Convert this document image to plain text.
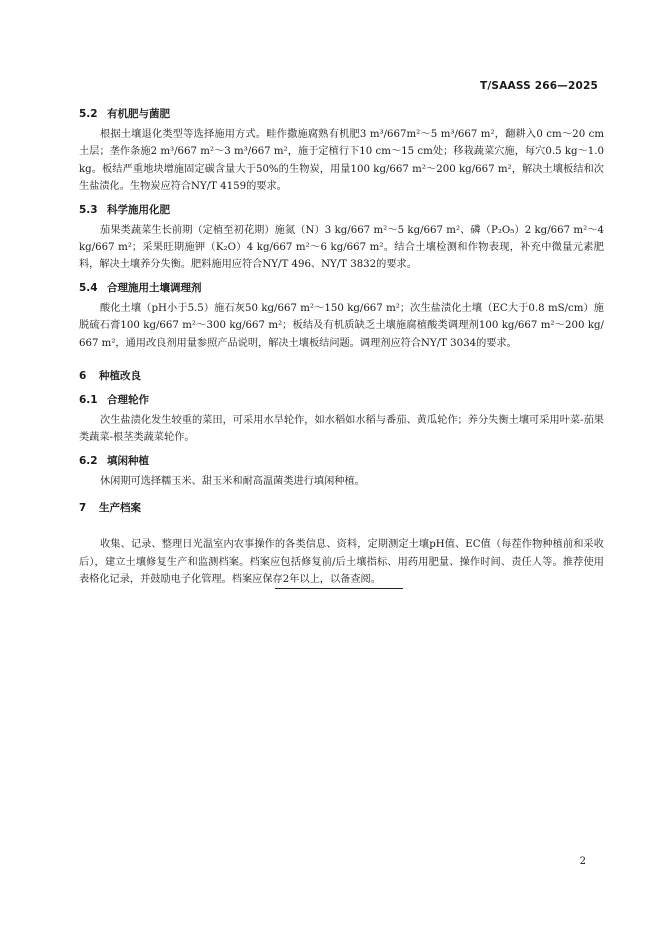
T/SAASS 266—2025
5.2 有机肥与菌肥
根据土壤退化类型等选择施用方式。畦作撒施腐熟有机肥3 m³/667m²～5 m³/667 m²，翻耕入0 cm～20 cm土层；垄作条施2 m³/667 m²～3 m³/667 m²，施于定植行下10 cm～15 cm处；移栽蔬菜穴施，每穴0.5 kg～1.0 kg。板结严重地块增施固定碳含量大于50%的生物炭，用量100 kg/667 m²～200 kg/667 m²，解决土壤板结和次生盐渍化。生物炭应符合NY/T 4159的要求。
5.3 科学施用化肥
茄果类蔬菜生长前期（定植至初花期）施氮（N）3 kg/667 m²～5 kg/667 m²、磷（P₂O₅）2 kg/667 m²～4 kg/667 m²；采果旺期施钾（K₂O）4 kg/667 m²～6 kg/667 m²。结合土壤检测和作物表现，补充中微量元素肥料，解决土壤养分失衡。肥料施用应符合NY/T 496、NY/T 3832的要求。
5.4 合理施用土壤调理剂
酸化土壤（pH小于5.5）施石灰50 kg/667 m²～150 kg/667 m²；次生盐渍化土壤（EC大于0.8 mS/cm）施脱硫石膏100 kg/667 m²～300 kg/667 m²；板结及有机质缺乏土壤施腐植酸类调理剂100 kg/667 m²～200 kg/667 m²，通用改良剂用量参照产品说明，解决土壤板结问题。调理剂应符合NY/T 3034的要求。
6 种植改良
6.1 合理轮作
次生盐渍化发生较重的菜田，可采用水旱轮作，如水稻如水稻与番茄、黄瓜轮作；养分失衡土壤可采用叶菜-茄果类蔬菜-根茎类蔬菜轮作。
6.2 填闲种植
休闲期可选择糯玉米、甜玉米和耐高温菌类进行填闲种植。
7 生产档案
收集、记录、整理日光温室内农事操作的各类信息、资料，定期测定土壤pH值、EC值（每茬作物种植前和采收后），建立土壤修复生产和监测档案。档案应包括修复前/后土壤指标、用药用肥量、操作时间、责任人等。推荐使用表格化记录，并鼓励电子化管理。档案应保存2年以上，以备查阅。
2
